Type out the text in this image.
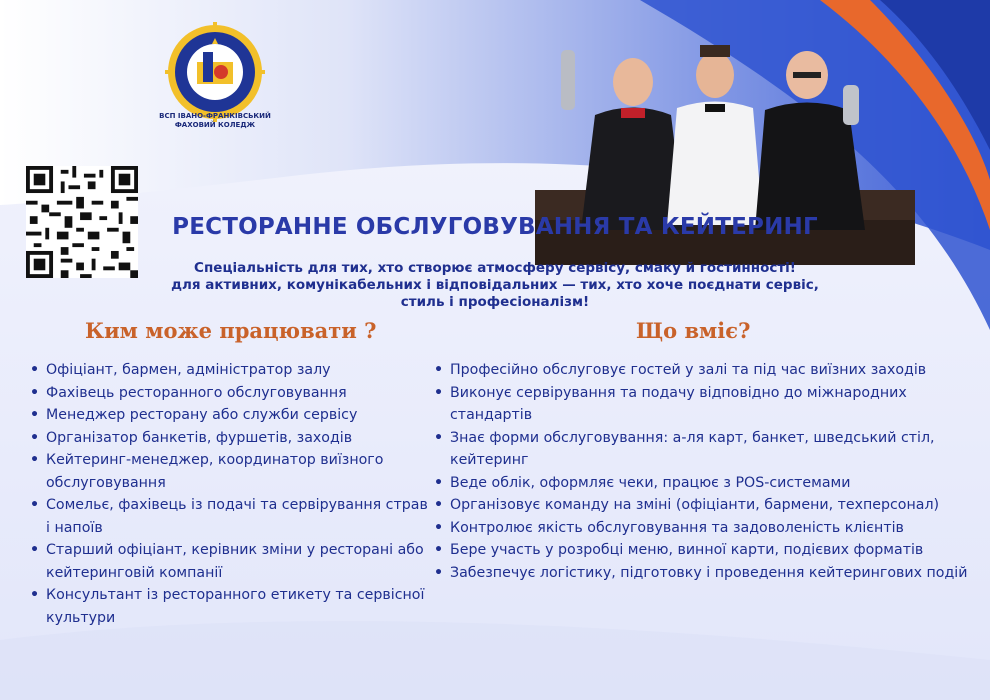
ВСП ІВАНО-ФРАНКІВСЬКИЙ
ФАХОВИЙ КОЛЕДЖ
РЕСТОРАННЕ ОБСЛУГОВУВАННЯ ТА КЕЙТЕРИНГ
Спеціальність для тих, хто створює атмосферу сервісу, смаку й гостинності!
для активних, комунікабельних і відповідальних — тих, хто хоче поєднати сервіс,
стиль і професіоналізм!
Ким може працювати ?	Що вміє?
• Офіціант, бармен, адміністратор залу
• Фахівець ресторанного обслуговування
• Менеджер ресторану або служби сервісу
• Організатор банкетів, фуршетів, заходів
• Кейтеринг-менеджер, координатор виїзного обслуговування
• Сомельє, фахівець із подачі та сервірування страв і напоїв
• Старший офіціант, керівник зміни у ресторані або кейтеринговій компанії
• Консультант із ресторанного етикету та сервісної культури
• Професійно обслуговує гостей у залі та під час виїзних заходів
• Виконує сервірування та подачу відповідно до міжнародних стандартів
• Знає форми обслуговування: а-ля карт, банкет, шведський стіл, кейтеринг
• Веде облік, оформляє чеки, працює з POS-системами
• Організовує команду на зміні (офіціанти, бармени, техперсонал)
• Контролює якість обслуговування та задоволеність клієнтів
• Бере участь у розробці меню, винної карти, подієвих форматів
• Забезпечує логістику, підготовку і проведення кейтерингових подій
